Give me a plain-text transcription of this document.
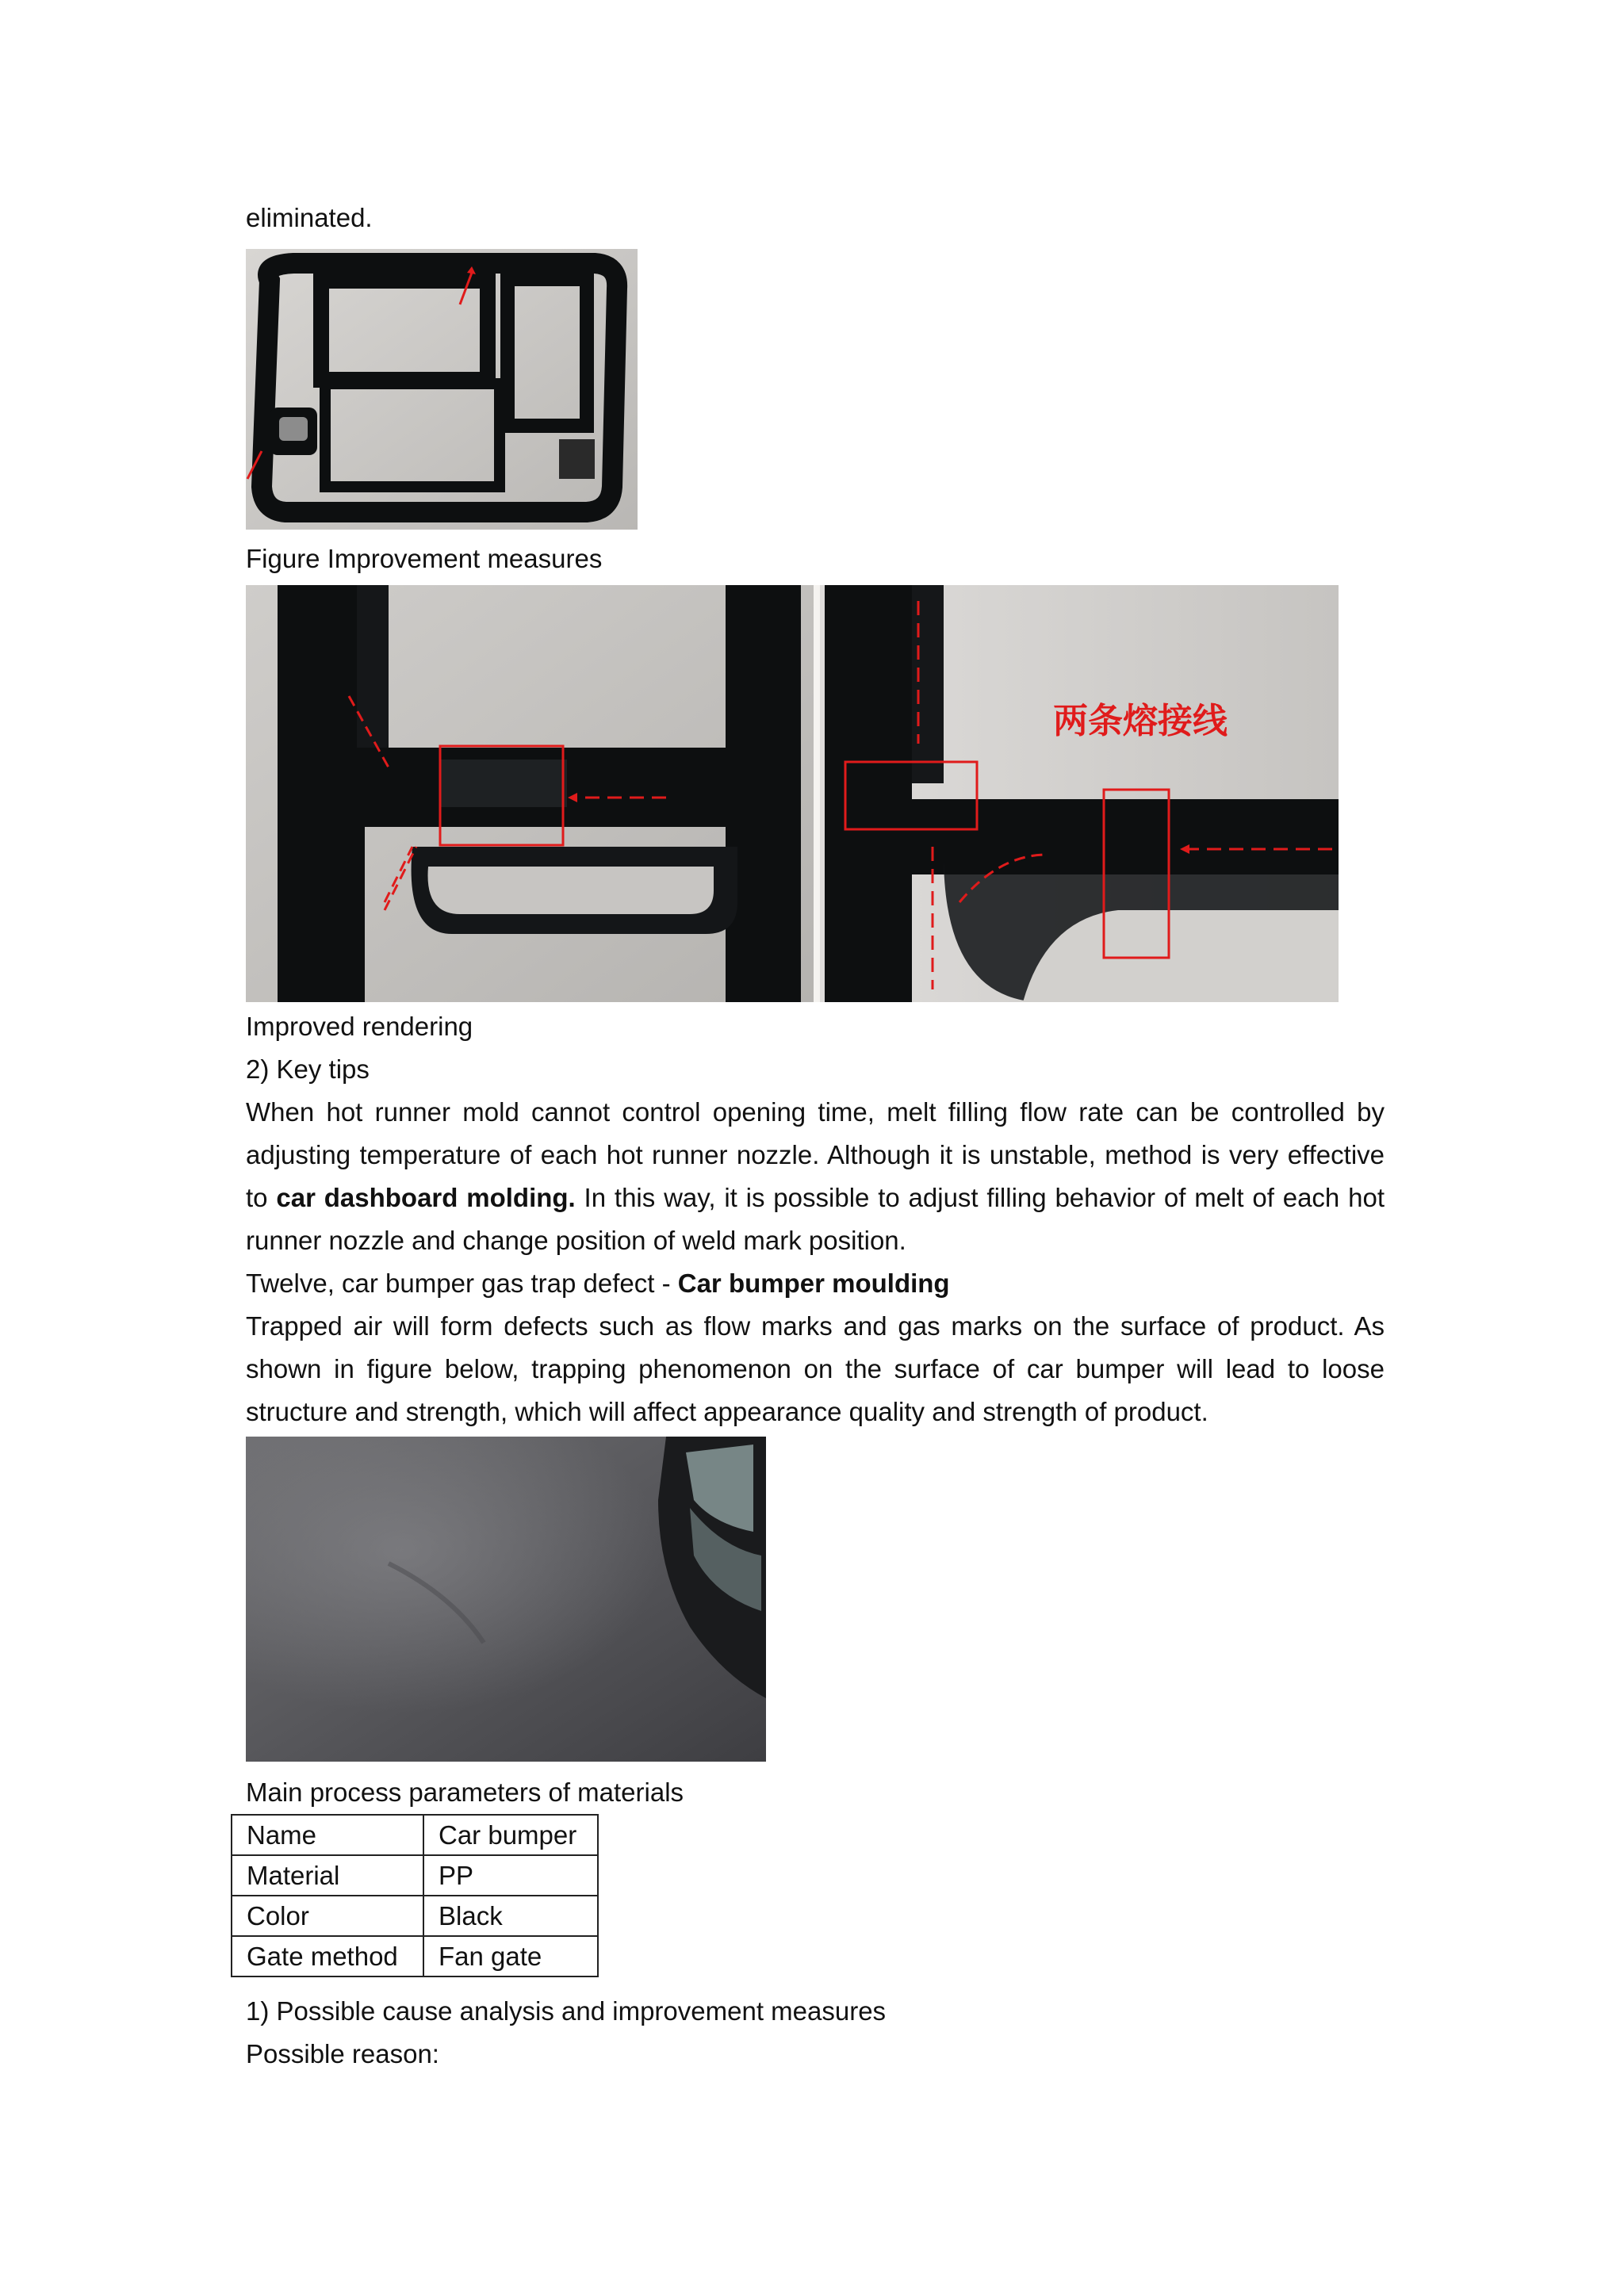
eliminated.
Figure Improvement measures
两条熔接线
Improved rendering
2) Key tips
When hot runner mold cannot control opening time, melt filling flow rate can be controlled by
adjusting temperature of each hot runner nozzle. Although it is unstable, method is very effective
to car dashboard molding. In this way, it is possible to adjust filling behavior of melt of each hot
runner nozzle and change position of weld mark position.
Twelve, car bumper gas trap defect - Car bumper moulding
Trapped air will form defects such as flow marks and gas marks on the surface of product. As
shown in figure below, trapping phenomenon on the surface of car bumper will lead to loose
structure and strength, which will affect appearance quality and strength of product.
Main process parameters of materials
Name	Car bumper
Material	PP
Color	Black
Gate method	Fan gate
1) Possible cause analysis and improvement measures
Possible reason:
